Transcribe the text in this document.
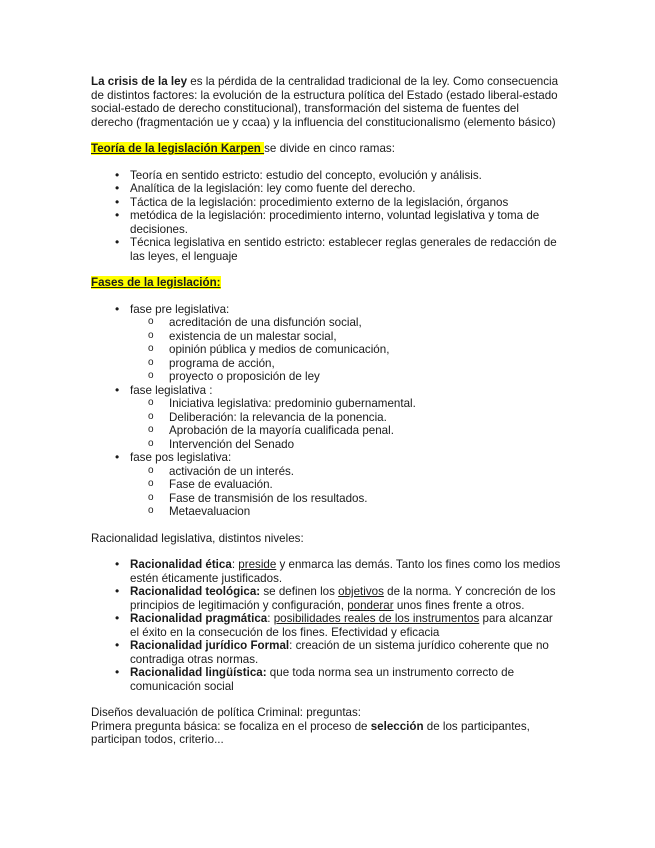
La crisis de la ley es la pérdida de la centralidad tradicional de la ley. Como consecuencia de distintos factores: la evolución de la estructura política del Estado (estado liberal-estado social-estado de derecho constitucional), transformación del sistema de fuentes del derecho (fragmentación ue y ccaa) y la influencia del constitucionalismo (elemento básico)

Teoría de la legislación Karpen se divide en cinco ramas:

• Teoría en sentido estricto: estudio del concepto, evolución y análisis.
• Analítica de la legislación: ley como fuente del derecho.
• Táctica de la legislación: procedimiento externo de la legislación, órganos
• metódica de la legislación: procedimiento interno, voluntad legislativa y toma de decisiones.
• Técnica legislativa en sentido estricto: establecer reglas generales de redacción de las leyes, el lenguaje

Fases de la legislación:

• fase pre legislativa:
o acreditación de una disfunción social,
o existencia de un malestar social,
o opinión pública y medios de comunicación,
o programa de acción,
o proyecto o proposición de ley
• fase legislativa :
o Iniciativa legislativa: predominio gubernamental.
o Deliberación: la relevancia de la ponencia.
o Aprobación de la mayoría cualificada penal.
o Intervención del Senado
• fase pos legislativa:
o activación de un interés.
o Fase de evaluación.
o Fase de transmisión de los resultados.
o Metaevaluacion

Racionalidad legislativa, distintos niveles:

• Racionalidad ética: preside y enmarca las demás. Tanto los fines como los medios estén éticamente justificados.
• Racionalidad teológica: se definen los objetivos de la norma. Y concreción de los principios de legitimación y configuración, ponderar unos fines frente a otros.
• Racionalidad pragmática: posibilidades reales de los instrumentos para alcanzar el éxito en la consecución de los fines. Efectividad y eficacia
• Racionalidad jurídico Formal: creación de un sistema jurídico coherente que no contradiga otras normas.
• Racionalidad lingüística: que toda norma sea un instrumento correcto de comunicación social

Diseños devaluación de política Criminal: preguntas:

Primera pregunta básica: se focaliza en el proceso de selección de los participantes, participan todos, criterio...
